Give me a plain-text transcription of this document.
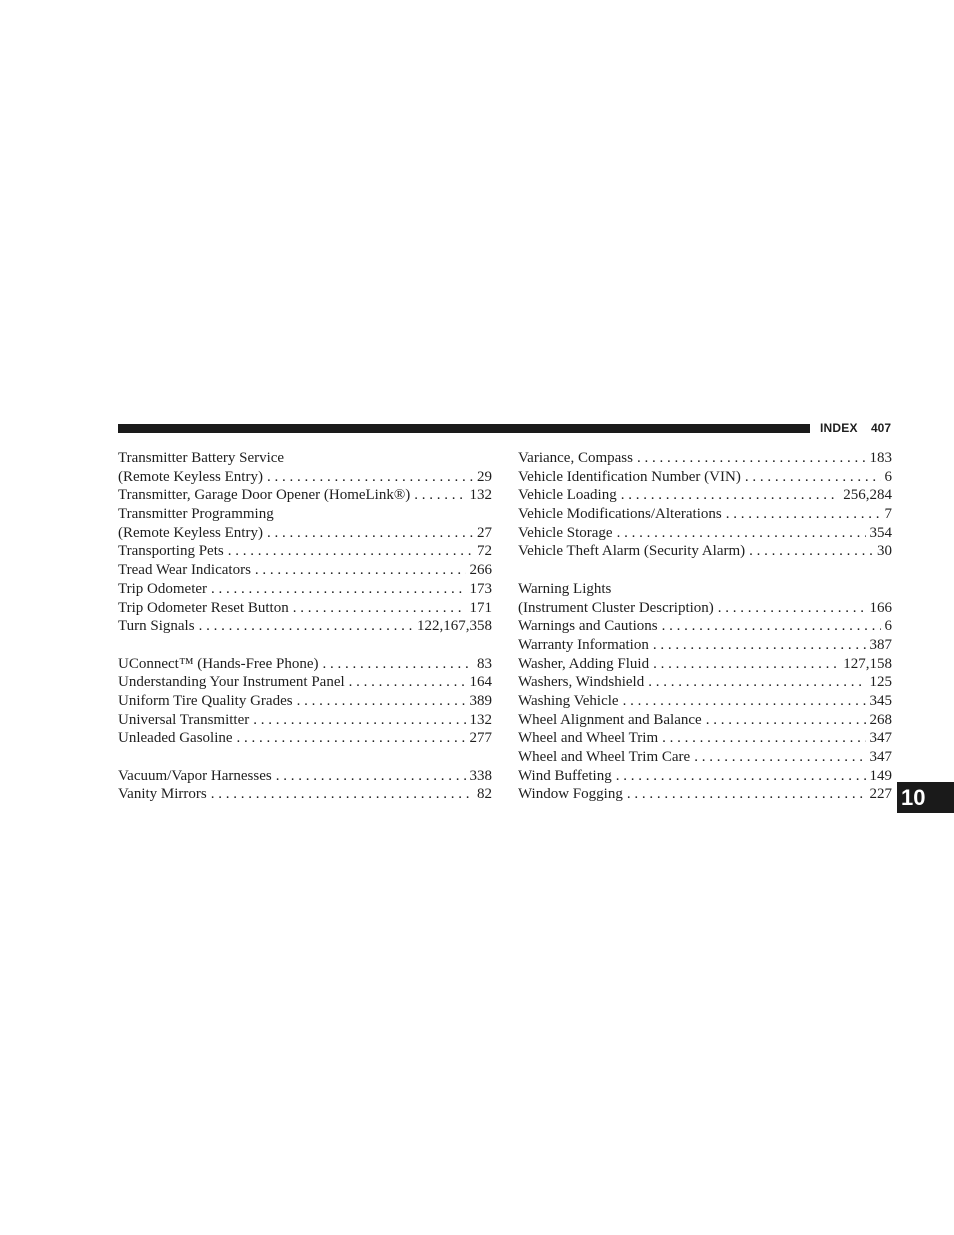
INDEX 407
Transmitter Battery Service
(Remote Keyless Entry) . . .	29
Transmitter, Garage Door Opener (HomeLink®) . . .	132
Transmitter Programming
(Remote Keyless Entry) . . .	27
Transporting Pets . . .	72
Tread Wear Indicators . . .	266
Trip Odometer . . .	173
Trip Odometer Reset Button . . .	171
Turn Signals . . .	122,167,358
UConnect™ (Hands-Free Phone) . . .	83
Understanding Your Instrument Panel . . .	164
Uniform Tire Quality Grades . . .	389
Universal Transmitter . . .	132
Unleaded Gasoline . . .	277
Vacuum/Vapor Harnesses . . .	338
Vanity Mirrors . . .	82
Variance, Compass . . .	183
Vehicle Identification Number (VIN) . . .	6
Vehicle Loading . . .	256,284
Vehicle Modifications/Alterations . . .	7
Vehicle Storage . . .	354
Vehicle Theft Alarm (Security Alarm) . . .	30
Warning Lights
(Instrument Cluster Description) . . .	166
Warnings and Cautions . . .	6
Warranty Information . . .	387
Washer, Adding Fluid . . .	127,158
Washers, Windshield . . .	125
Washing Vehicle . . .	345
Wheel Alignment and Balance . . .	268
Wheel and Wheel Trim . . .	347
Wheel and Wheel Trim Care . . .	347
Wind Buffeting . . .	149
Window Fogging . . .	227 10
